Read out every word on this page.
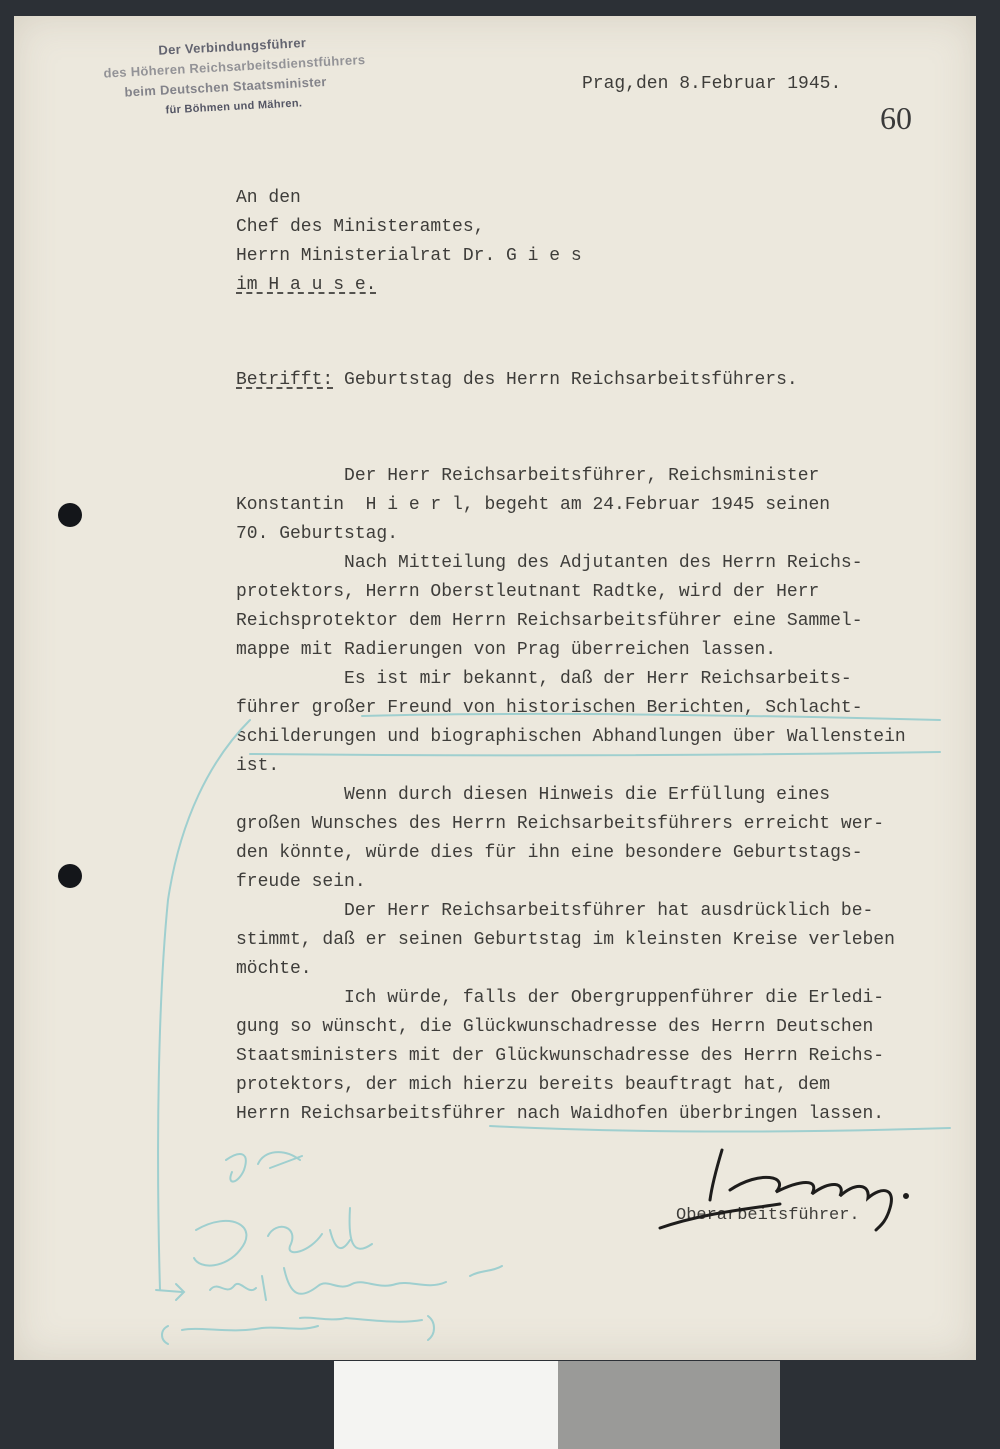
Der Verbindungsführer
des Höheren Reichsarbeitsdienstführers
beim Deutschen Staatsminister
für Böhmen und Mähren.
Prag,den 8.Februar 1945.
60
An den
Chef des Ministeramtes,
Herrn Ministerialrat Dr. G i e s
im H a u s e.
Betrifft: Geburtstag des Herrn Reichsarbeitsführers.
Der Herr Reichsarbeitsführer, Reichsminister
Konstantin  H i e r l, begeht am 24.Februar 1945 seinen
70. Geburtstag.
Nach Mitteilung des Adjutanten des Herrn Reichs-
protektors, Herrn Oberstleutnant Radtke, wird der Herr
Reichsprotektor dem Herrn Reichsarbeitsführer eine Sammel-
mappe mit Radierungen von Prag überreichen lassen.
Es ist mir bekannt, daß der Herr Reichsarbeits-
führer großer Freund von historischen Berichten, Schlacht-
schilderungen und biographischen Abhandlungen über Wallenstein
ist.
Wenn durch diesen Hinweis die Erfüllung eines
großen Wunsches des Herrn Reichsarbeitsführers erreicht wer-
den könnte, würde dies für ihn eine besondere Geburtstags-
freude sein.
Der Herr Reichsarbeitsführer hat ausdrücklich be-
stimmt, daß er seinen Geburtstag im kleinsten Kreise verleben
möchte.
Ich würde, falls der Obergruppenführer die Erledi-
gung so wünscht, die Glückwunschadresse des Herrn Deutschen
Staatsministers mit der Glückwunschadresse des Herrn Reichs-
protektors, der mich hierzu bereits beauftragt hat, dem
Herrn Reichsarbeitsführer nach Waidhofen überbringen lassen.
Oberarbeitsführer.
